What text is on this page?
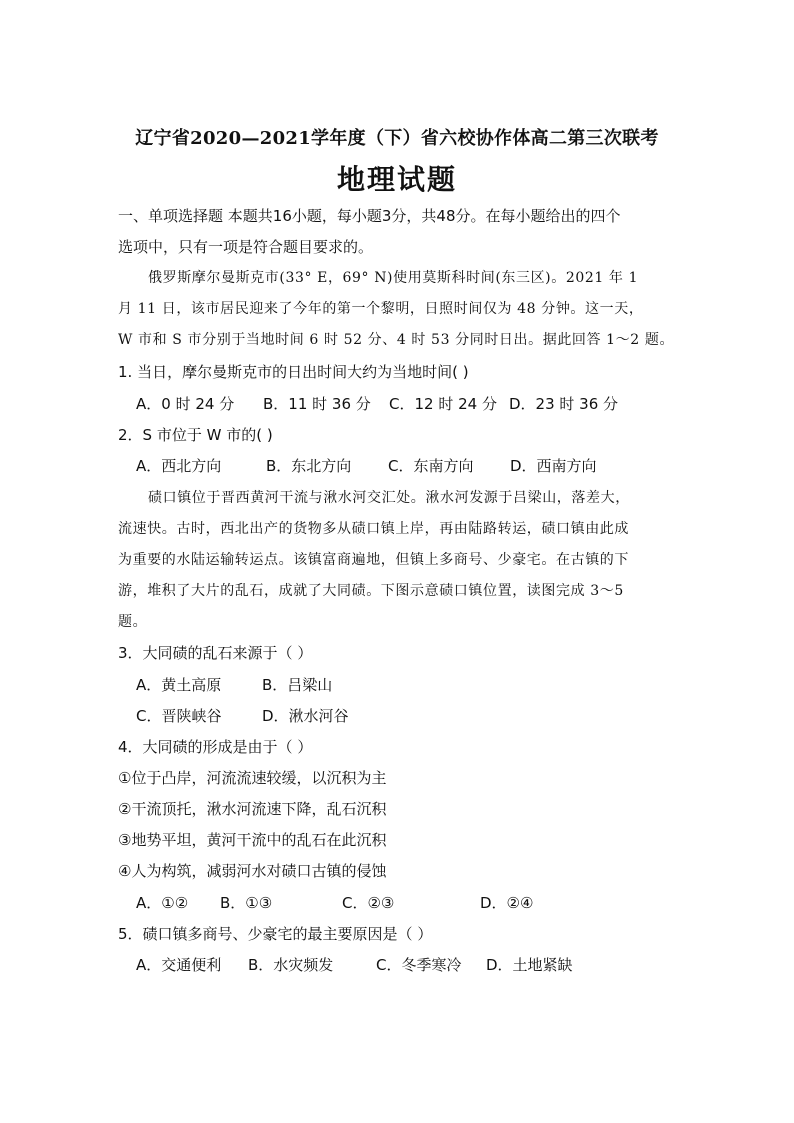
辽宁省2020—2021学年度（下）省六校协作体高二第三次联考
地理试题
一、单项选择题 本题共16小题，每小题3分，共48分。在每小题给出的四个
选项中，只有一项是符合题目要求的。
俄罗斯摩尔曼斯克市(33° E，69° N)使用莫斯科时间(东三区)。2021 年 1
月 11 日，该市居民迎来了今年的第一个黎明，日照时间仅为 48 分钟。这一天，
W 市和 S 市分别于当地时间 6 时 52 分、4 时 53 分同时日出。据此回答 1～2 题。
1. 当日，摩尔曼斯克市的日出时间大约为当地时间( )
A．0 时 24 分 B．11 时 36 分 C．12 时 24 分 D．23 时 36 分
2．S 市位于 W 市的( )
A．西北方向	B．东北方向 C．东南方向 D．西南方向
碛口镇位于晋西黄河干流与湫水河交汇处。湫水河发源于吕梁山，落差大，
流速快。古时，西北出产的货物多从碛口镇上岸，再由陆路转运，碛口镇由此成
为重要的水陆运输转运点。该镇富商遍地，但镇上多商号、少豪宅。在古镇的下
游，堆积了大片的乱石，成就了大同碛。下图示意碛口镇位置，读图完成 3～5
题。
3．大同碛的乱石来源于（ ）
A．黄土高原	B．吕梁山
C．晋陕峡谷	D．湫水河谷
4．大同碛的形成是由于（ ）
①位于凸岸，河流流速较缓，以沉积为主
②干流顶托，湫水河流速下降，乱石沉积
③地势平坦，黄河干流中的乱石在此沉积
④人为构筑，减弱河水对碛口古镇的侵蚀
A．①② B．①③	C．②③	D．②④
5．碛口镇多商号、少豪宅的最主要原因是（ ）
A．交通便利 B．水灾频发	C．冬季寒冷 D．土地紧缺
